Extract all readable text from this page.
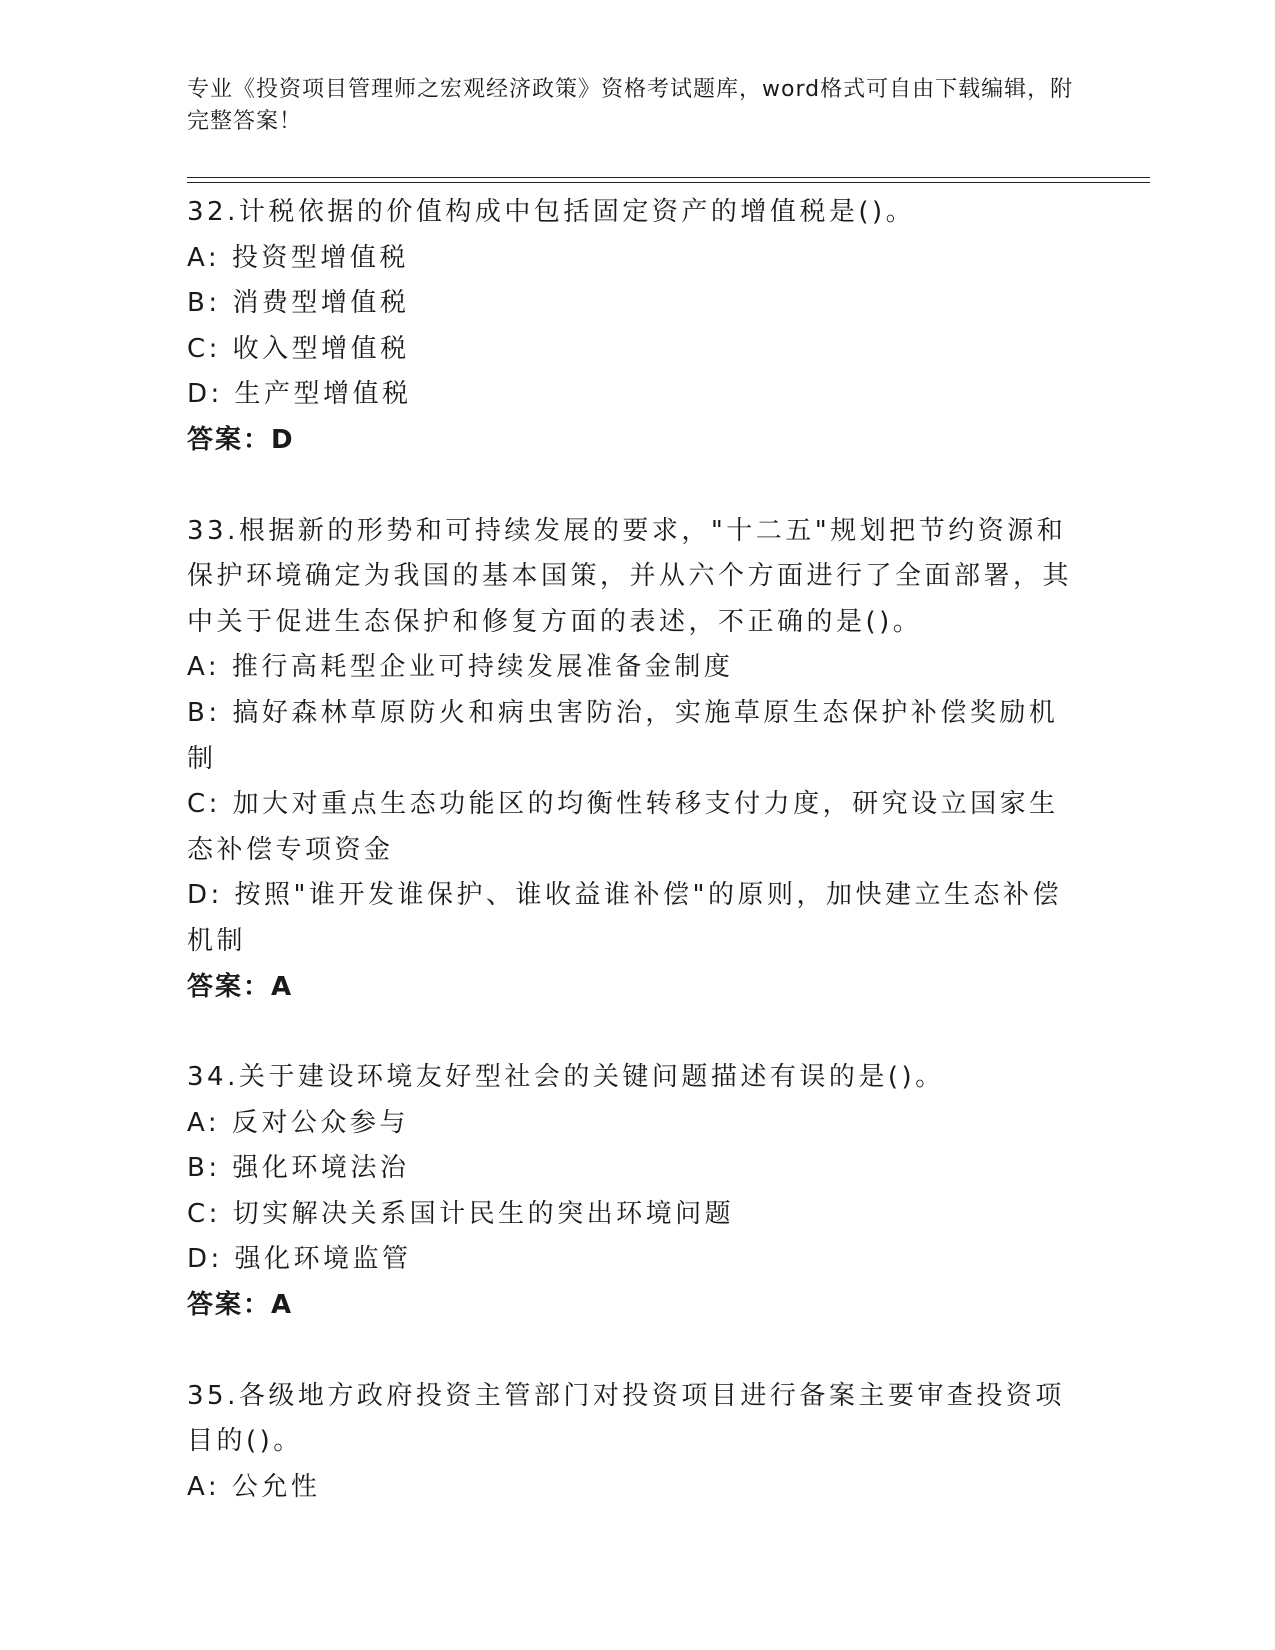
专业《投资项目管理师之宏观经济政策》资格考试题库，word格式可自由下载编辑，附完整答案！
32.计税依据的价值构成中包括固定资产的增值税是()。
A: 投资型增值税
B: 消费型增值税
C: 收入型增值税
D: 生产型增值税
答案：D
33.根据新的形势和可持续发展的要求，"十二五"规划把节约资源和保护环境确定为我国的基本国策，并从六个方面进行了全面部署，其中关于促进生态保护和修复方面的表述，不正确的是()。
A: 推行高耗型企业可持续发展准备金制度
B: 搞好森林草原防火和病虫害防治，实施草原生态保护补偿奖励机制
C: 加大对重点生态功能区的均衡性转移支付力度，研究设立国家生态补偿专项资金
D: 按照"谁开发谁保护、谁收益谁补偿"的原则，加快建立生态补偿机制
答案：A
34.关于建设环境友好型社会的关键问题描述有误的是()。
A: 反对公众参与
B: 强化环境法治
C: 切实解决关系国计民生的突出环境问题
D: 强化环境监管
答案：A
35.各级地方政府投资主管部门对投资项目进行备案主要审查投资项目的()。
A: 公允性
